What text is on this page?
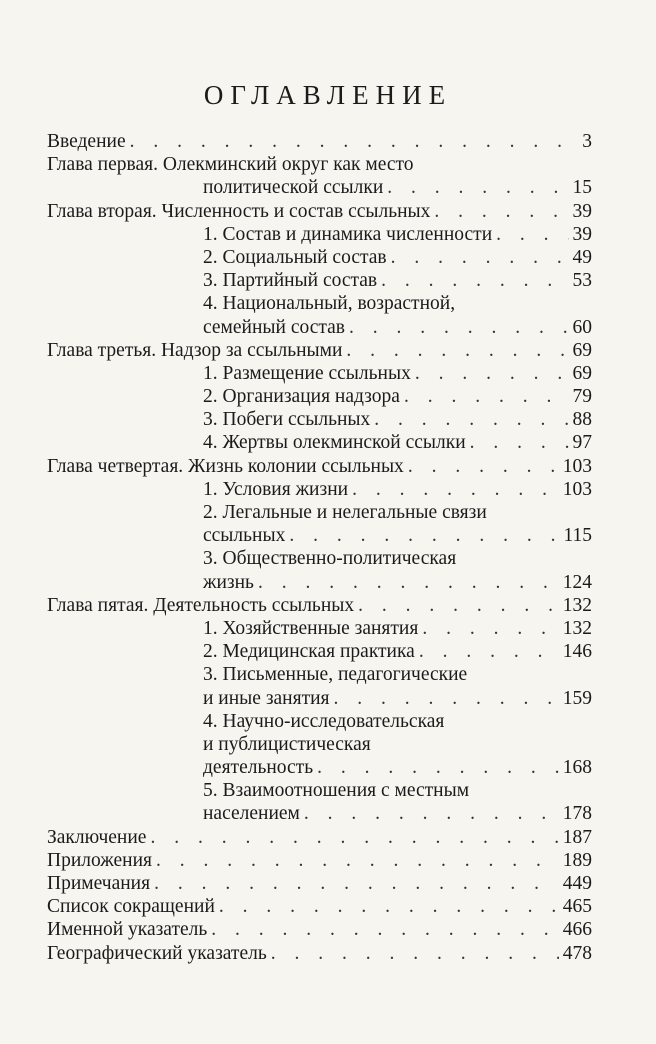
ОГЛАВЛЕНИЕ
Введение . . .	3
Глава первая. Олекминский округ как место
политической ссылки . . .	15
Глава вторая. Численность и состав ссыльных . . .	39
1. Состав и динамика численности . . .	39
2. Социальный состав . . .	49
3. Партийный состав . . .	53
4. Национальный, возрастной,
семейный состав . . .	60
Глава третья. Надзор за ссыльными . . .	69
1. Размещение ссыльных . . .	69
2. Организация надзора . . .	79
3. Побеги ссыльных . . .	88
4. Жертвы олекминской ссылки . . .	97
Глава четвертая. Жизнь колонии ссыльных . . .	103
1. Условия жизни . . .	103
2. Легальные и нелегальные связи
ссыльных . . .	115
3. Общественно-политическая
жизнь . . .	124
Глава пятая. Деятельность ссыльных . . .	132
1. Хозяйственные занятия . . .	132
2. Медицинская практика . . .	146
3. Письменные, педагогические
и иные занятия . . .	159
4. Научно-исследовательская
и публицистическая
деятельность . . .	168
5. Взаимоотношения с местным
населением . . .	178
Заключение . . .	187
Приложения . . .	189
Примечания . . .	449
Список сокращений . . .	465
Именной указатель . . .	466
Географический указатель . . .	478
